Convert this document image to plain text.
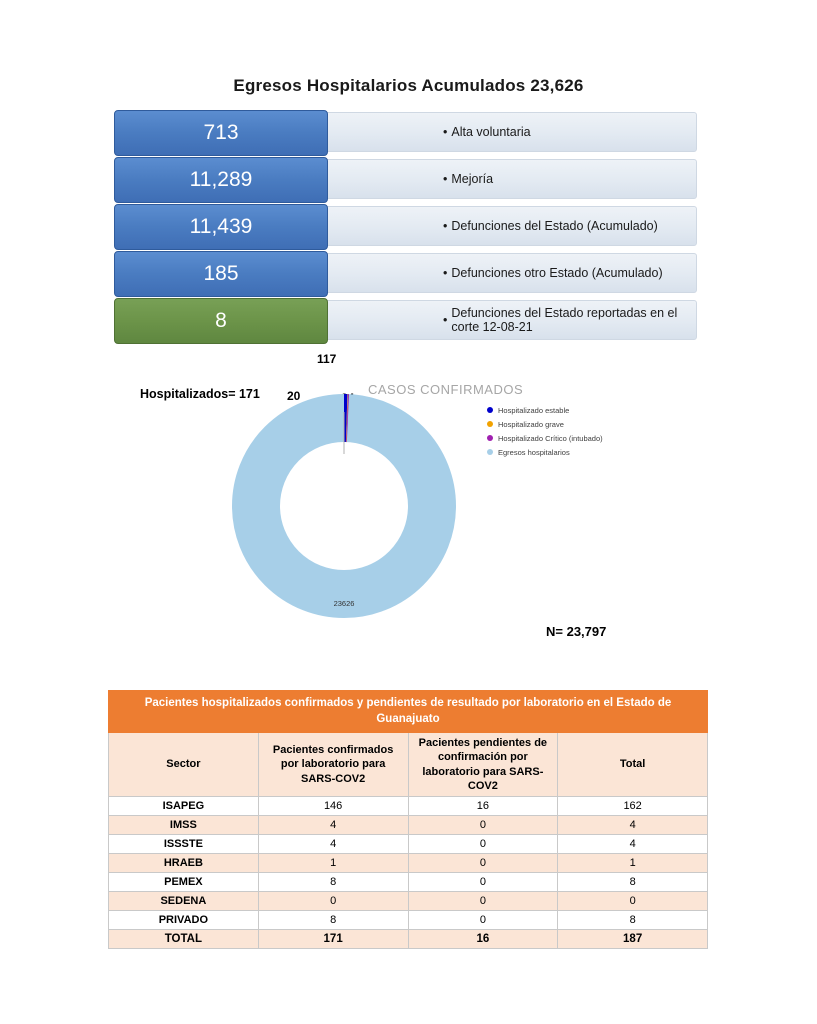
Egresos Hospitalarios Acumulados 23,626
• Alta voluntaria
713
• Mejoría
11,289
• Defunciones del Estado (Acumulado)
11,439
• Defunciones otro Estado (Acumulado)
185
• Defunciones del Estado reportadas en el corte 12-08-21
8
Hospitalizados= 171
117
20	34
23626
CASOS CONFIRMADOS
Hospitalizado estable
Hospitalizado grave
Hospitalizado Crítico (intubado)
Egresos hospitalarios
N= 23,797
Pacientes hospitalizados confirmados y pendientes de resultado por laboratorio en el Estado de Guanajuato			
Sector	Pacientes confirmados por laboratorio para SARS-COV2	Pacientes pendientes de confirmación por laboratorio para SARS-COV2	Total
ISAPEG	146	16	162
IMSS	4	0	4
ISSSTE	4	0	4
HRAEB	1	0	1
PEMEX	8	0	8
SEDENA	0	0	0
PRIVADO	8	0	8
TOTAL	171	16	187
